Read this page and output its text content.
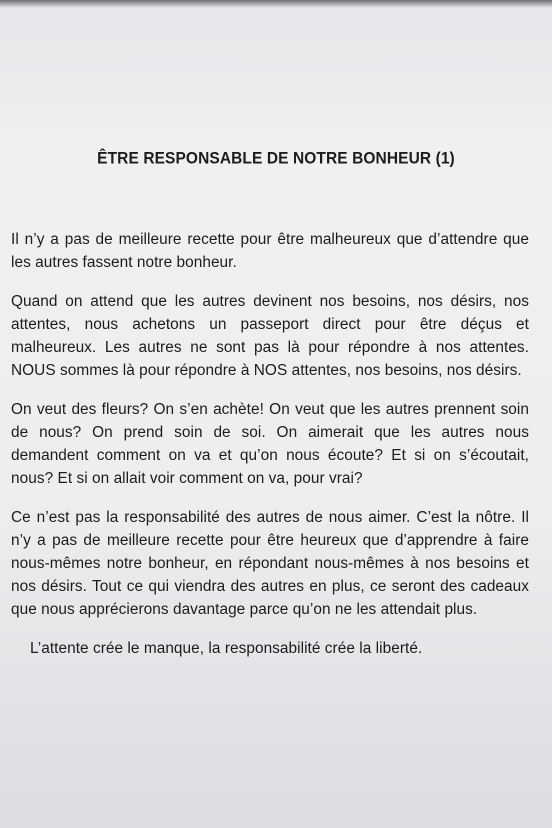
ÊTRE RESPONSABLE DE NOTRE BONHEUR (1)

Il n’y a pas de meilleure recette pour être malheureux que d’attendre que les autres fassent notre bonheur.

Quand on attend que les autres devinent nos besoins, nos désirs, nos attentes, nous achetons un passeport direct pour être déçus et malheureux. Les autres ne sont pas là pour répondre à nos attentes. NOUS sommes là pour répondre à NOS attentes, nos besoins, nos désirs.

On veut des fleurs? On s’en achète! On veut que les autres prennent soin de nous? On prend soin de soi. On aimerait que les autres nous demandent comment on va et qu’on nous écoute? Et si on s’écoutait, nous? Et si on allait voir comment on va, pour vrai?

Ce n’est pas la responsabilité des autres de nous aimer. C’est la nôtre. Il n’y a pas de meilleure recette pour être heureux que d’apprendre à faire nous-mêmes notre bonheur, en répondant nous-mêmes à nos besoins et nos désirs. Tout ce qui viendra des autres en plus, ce seront des cadeaux que nous apprécierons davantage parce qu’on ne les attendait plus.

L’attente crée le manque, la responsabilité crée la liberté.
